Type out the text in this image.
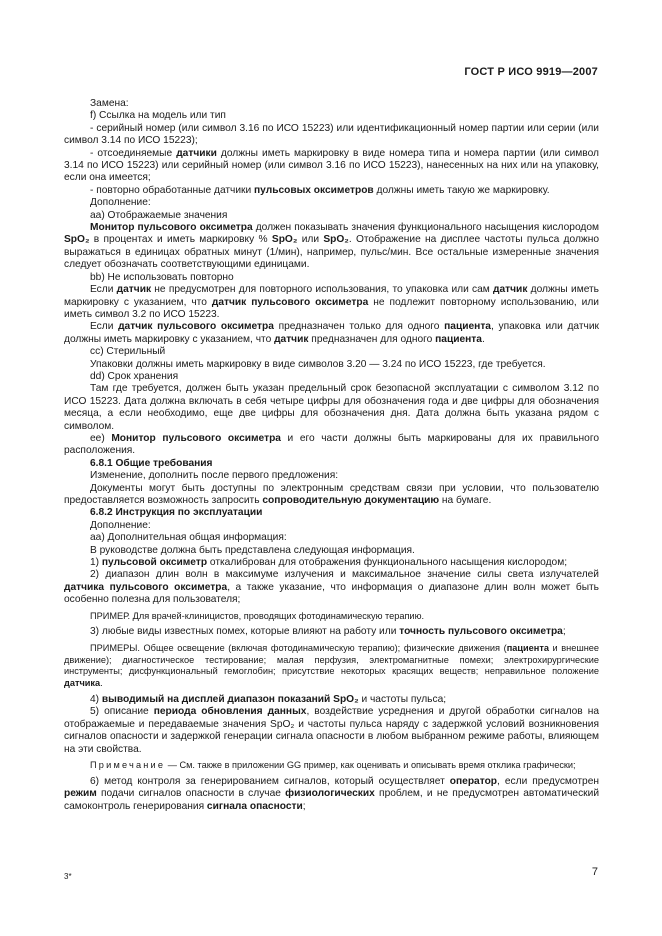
ГОСТ Р ИСО 9919—2007

Замена:

f) Ссылка на модель или тип

- серийный номер (или символ 3.16 по ИСО 15223) или идентификационный номер партии или серии (или символ 3.14 по ИСО 15223);

- отсоединяемые датчики должны иметь маркировку в виде номера типа и номера партии (или символ 3.14 по ИСО 15223) или серийный номер (или символ 3.16 по ИСО 15223), нанесенных на них или на упаковку, если она имеется;

- повторно обработанные датчики пульсовых оксиметров должны иметь такую же маркировку.

Дополнение:

аа) Отображаемые значения

Монитор пульсового оксиметра должен показывать значения функционального насыщения кислородом SpO₂ в процентах и иметь маркировку % SpO₂ или SpO₂. Отображение на дисплее частоты пульса должно выражаться в единицах обратных минут (1/мин), например, пульс/мин. Все остальные измеренные значения следует обозначать соответствующими единицами.

bb) Не использовать повторно

Если датчик не предусмотрен для повторного использования, то упаковка или сам датчик должны иметь маркировку с указанием, что датчик пульсового оксиметра не подлежит повторному использованию, или иметь символ 3.2 по ИСО 15223.

Если датчик пульсового оксиметра предназначен только для одного пациента, упаковка или датчик должны иметь маркировку с указанием, что датчик предназначен для одного пациента.

cc) Стерильный

Упаковки должны иметь маркировку в виде символов 3.20 — 3.24 по ИСО 15223, где требуется.

dd) Срок хранения

Там где требуется, должен быть указан предельный срок безопасной эксплуатации с символом 3.12 по ИСО 15223. Дата должна включать в себя четыре цифры для обозначения года и две цифры для обозначения месяца, а если необходимо, еще две цифры для обозначения дня. Дата должна быть указана рядом с символом.

ее) Монитор пульсового оксиметра и его части должны быть маркированы для их правильного расположения.

6.8.1 Общие требования

Изменение, дополнить после первого предложения:

Документы могут быть доступны по электронным средствам связи при условии, что пользователю предоставляется возможность запросить сопроводительную документацию на бумаге.

6.8.2 Инструкция по эксплуатации

Дополнение:

аа) Дополнительная общая информация:

В руководстве должна быть представлена следующая информация.

1) пульсовой оксиметр откалиброван для отображения функционального насыщения кислородом;

2) диапазон длин волн в максимуме излучения и максимальное значение силы света излучателей датчика пульсового оксиметра, а также указание, что информация о диапазоне длин волн может быть особенно полезна для пользователя;

ПРИМЕР. Для врачей-клиницистов, проводящих фотодинамическую терапию.

3) любые виды известных помех, которые влияют на работу или точность пульсового оксиметра;

ПРИМЕРЫ. Общее освещение (включая фотодинамическую терапию); физические движения (пациента и внешнее движение); диагностическое тестирование; малая перфузия, электромагнитные помехи; электрохирургические инструменты; дисфункциональный гемоглобин; присутствие некоторых красящих веществ; неправильное положение датчика.

4) выводимый на дисплей диапазон показаний SpO₂ и частоты пульса;

5) описание периода обновления данных, воздействие усреднения и другой обработки сигналов на отображаемые и передаваемые значения SpO₂ и частоты пульса наряду с задержкой условий возникновения сигналов опасности и задержкой генерации сигнала опасности в любом выбранном режиме работы, влияющем на эти свойства.

Примечание — См. также в приложении GG пример, как оценивать и описывать время отклика графически;

6) метод контроля за генерированием сигналов, который осуществляет оператор, если предусмотрен режим подачи сигналов опасности в случае физиологических проблем, и не предусмотрен автоматический самоконтроль генерирования сигнала опасности;

3*	7
